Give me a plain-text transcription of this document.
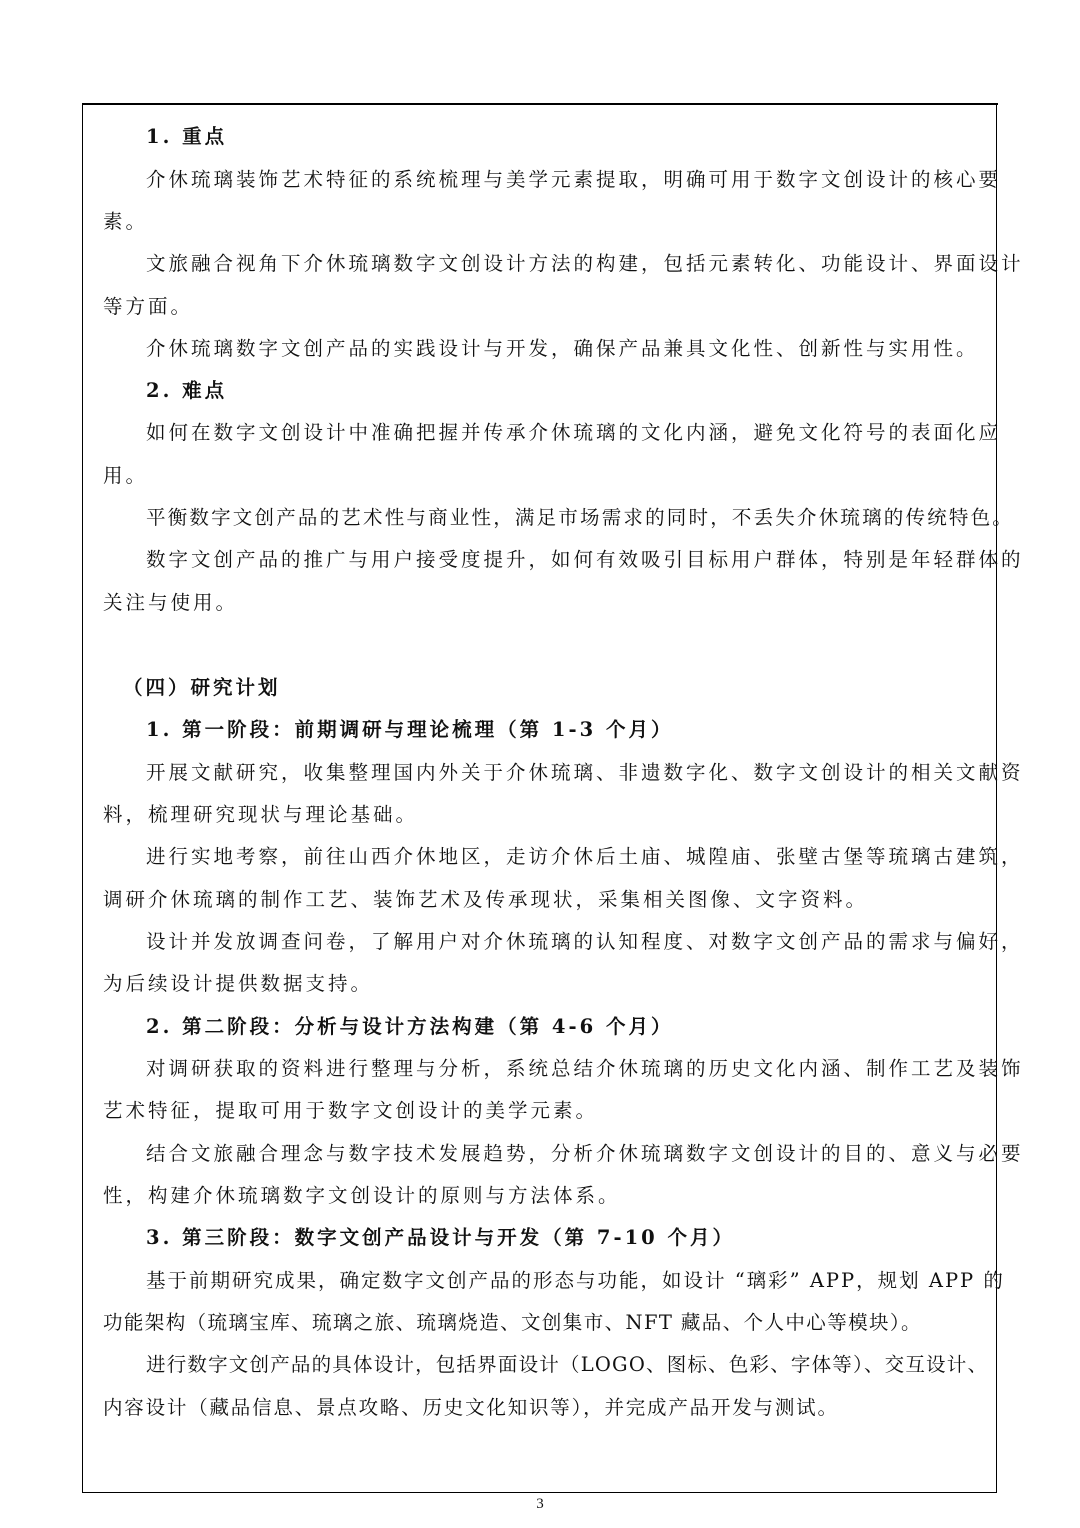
1. 重点
介休琉璃装饰艺术特征的系统梳理与美学元素提取，明确可用于数字文创设计的核心要
素。
文旅融合视角下介休琉璃数字文创设计方法的构建，包括元素转化、功能设计、界面设计
等方面。
介休琉璃数字文创产品的实践设计与开发，确保产品兼具文化性、创新性与实用性。
2. 难点
如何在数字文创设计中准确把握并传承介休琉璃的文化内涵，避免文化符号的表面化应
用。
平衡数字文创产品的艺术性与商业性，满足市场需求的同时，不丢失介休琉璃的传统特色。
数字文创产品的推广与用户接受度提升，如何有效吸引目标用户群体，特别是年轻群体的
关注与使用。
（四）研究计划
1. 第一阶段：前期调研与理论梳理（第 1-3 个月）
开展文献研究，收集整理国内外关于介休琉璃、非遗数字化、数字文创设计的相关文献资
料，梳理研究现状与理论基础。
进行实地考察，前往山西介休地区，走访介休后土庙、城隍庙、张壁古堡等琉璃古建筑，
调研介休琉璃的制作工艺、装饰艺术及传承现状，采集相关图像、文字资料。
设计并发放调查问卷，了解用户对介休琉璃的认知程度、对数字文创产品的需求与偏好，
为后续设计提供数据支持。
2. 第二阶段：分析与设计方法构建（第 4-6 个月）
对调研获取的资料进行整理与分析，系统总结介休琉璃的历史文化内涵、制作工艺及装饰
艺术特征，提取可用于数字文创设计的美学元素。
结合文旅融合理念与数字技术发展趋势，分析介休琉璃数字文创设计的目的、意义与必要
性，构建介休琉璃数字文创设计的原则与方法体系。
3. 第三阶段：数字文创产品设计与开发（第 7-10 个月）
基于前期研究成果，确定数字文创产品的形态与功能，如设计 “璃彩” APP，规划 APP 的
功能架构（琉璃宝库、琉璃之旅、琉璃烧造、文创集市、NFT 藏品、个人中心等模块）。
进行数字文创产品的具体设计，包括界面设计（LOGO、图标、色彩、字体等）、交互设计、
内容设计（藏品信息、景点攻略、历史文化知识等），并完成产品开发与测试。
3
